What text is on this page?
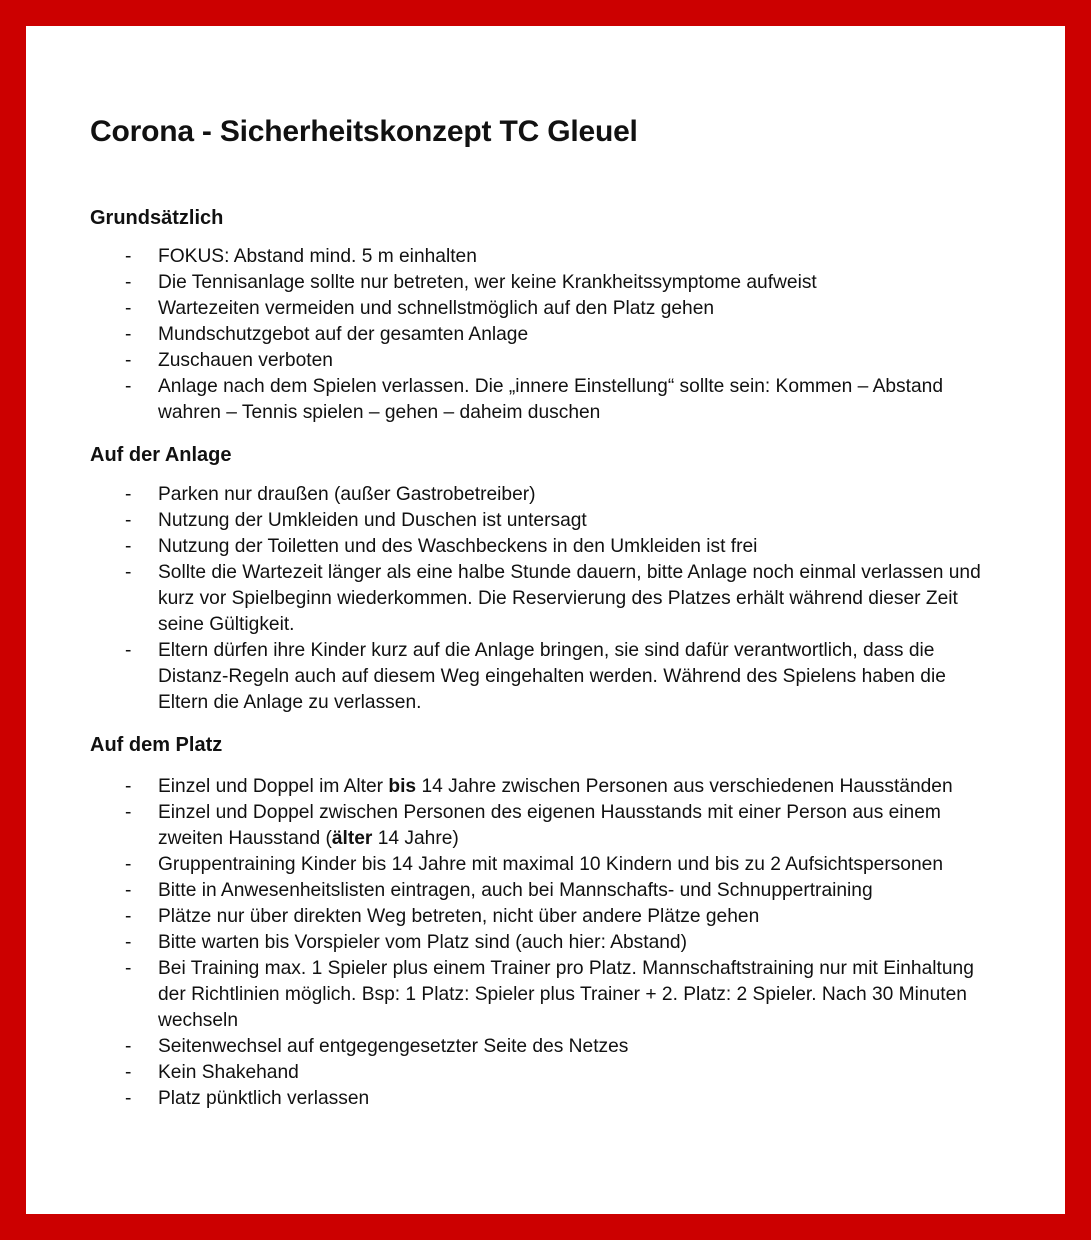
Corona - Sicherheitskonzept TC Gleuel
Grundsätzlich
- FOKUS: Abstand mind. 5 m einhalten
- Die Tennisanlage sollte nur betreten, wer keine Krankheitssymptome aufweist
- Wartezeiten vermeiden und schnellstmöglich auf den Platz gehen
- Mundschutzgebot auf der gesamten Anlage
- Zuschauen verboten
- Anlage nach dem Spielen verlassen. Die „innere Einstellung“ sollte sein: Kommen – Abstand wahren – Tennis spielen – gehen – daheim duschen
Auf der Anlage
- Parken nur draußen (außer Gastrobetreiber)
- Nutzung der Umkleiden und Duschen ist untersagt
- Nutzung der Toiletten und des Waschbeckens in den Umkleiden ist frei
- Sollte die Wartezeit länger als eine halbe Stunde dauern, bitte Anlage noch einmal verlassen und kurz vor Spielbeginn wiederkommen. Die Reservierung des Platzes erhält während dieser Zeit seine Gültigkeit.
- Eltern dürfen ihre Kinder kurz auf die Anlage bringen, sie sind dafür verantwortlich, dass die Distanz-Regeln auch auf diesem Weg eingehalten werden. Während des Spielens haben die Eltern die Anlage zu verlassen.
Auf dem Platz
- Einzel und Doppel im Alter bis 14 Jahre zwischen Personen aus verschiedenen Hausständen
- Einzel und Doppel zwischen Personen des eigenen Hausstands mit einer Person aus einem zweiten Hausstand (älter 14 Jahre)
- Gruppentraining Kinder bis 14 Jahre mit maximal 10 Kindern und bis zu 2 Aufsichtspersonen
- Bitte in Anwesenheitslisten eintragen, auch bei Mannschafts- und Schnuppertraining
- Plätze nur über direkten Weg betreten, nicht über andere Plätze gehen
- Bitte warten bis Vorspieler vom Platz sind (auch hier: Abstand)
- Bei Training max. 1 Spieler plus einem Trainer pro Platz. Mannschaftstraining nur mit Einhaltung der Richtlinien möglich. Bsp: 1 Platz: Spieler plus Trainer + 2. Platz: 2 Spieler. Nach 30 Minuten wechseln
- Seitenwechsel auf entgegengesetzter Seite des Netzes
- Kein Shakehand
- Platz pünktlich verlassen
